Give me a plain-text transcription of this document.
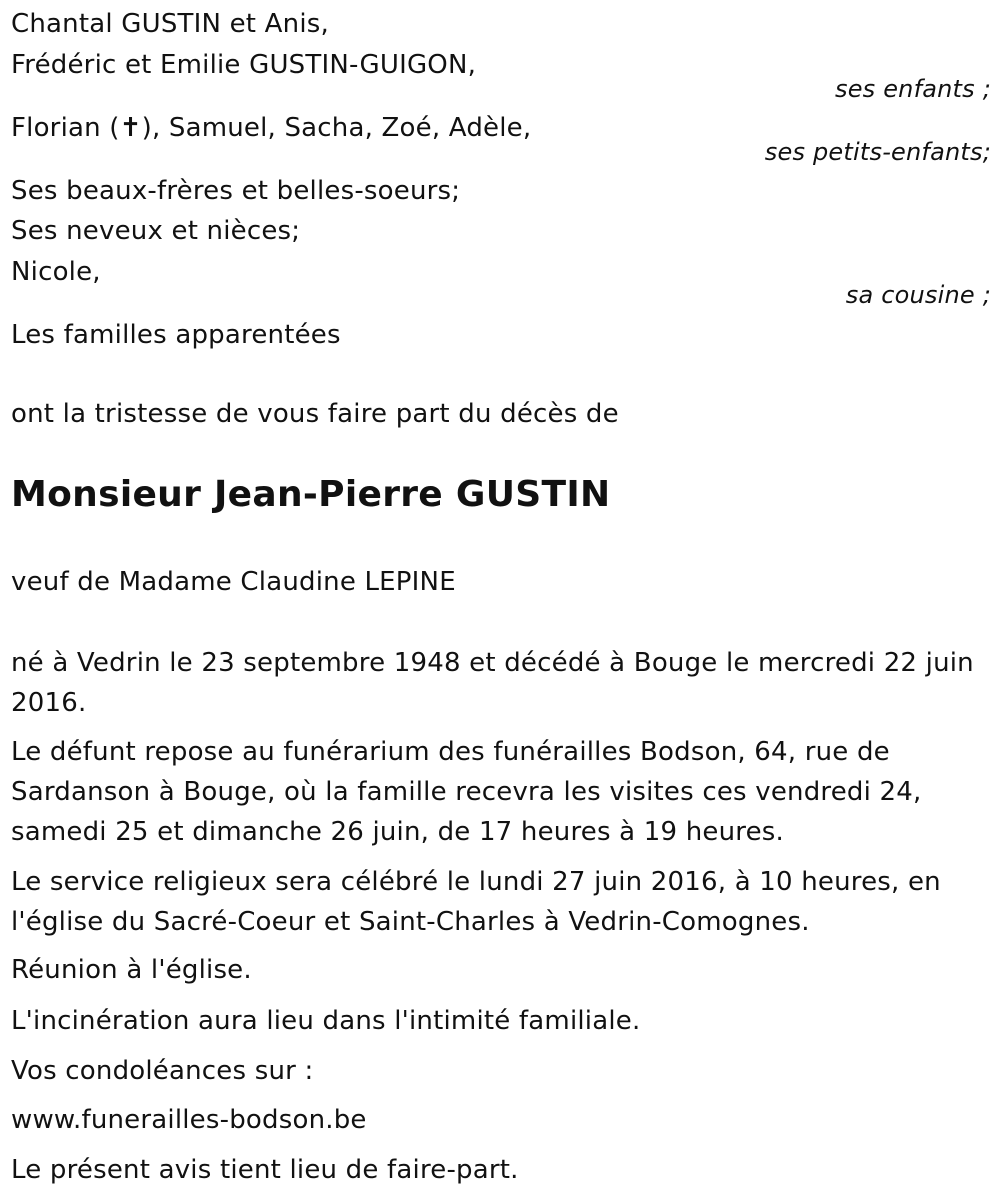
Chantal GUSTIN et Anis,
Frédéric et Emilie GUSTIN-GUIGON,
ses enfants ;
Florian (✝), Samuel, Sacha, Zoé, Adèle,
ses petits-enfants;
Ses beaux-frères et belles-soeurs;
Ses neveux et nièces;
Nicole,
sa cousine ;
Les familles apparentées
ont la tristesse de vous faire part du décès de
Monsieur Jean-Pierre GUSTIN
veuf de Madame Claudine LEPINE
né à Vedrin le 23 septembre 1948 et décédé à Bouge le mercredi 22 juin 2016.
Le défunt repose au funérarium des funérailles Bodson, 64, rue de Sardanson à Bouge, où la famille recevra les visites ces vendredi 24, samedi 25 et dimanche 26 juin, de 17 heures à 19 heures.
Le service religieux sera célébré le lundi 27 juin 2016, à 10 heures, en l'église du Sacré-Coeur et Saint-Charles à Vedrin-Comognes.
Réunion à l'église.
L'incinération aura lieu dans l'intimité familiale.
Vos condoléances sur :
www.funerailles-bodson.be
Le présent avis tient lieu de faire-part.
